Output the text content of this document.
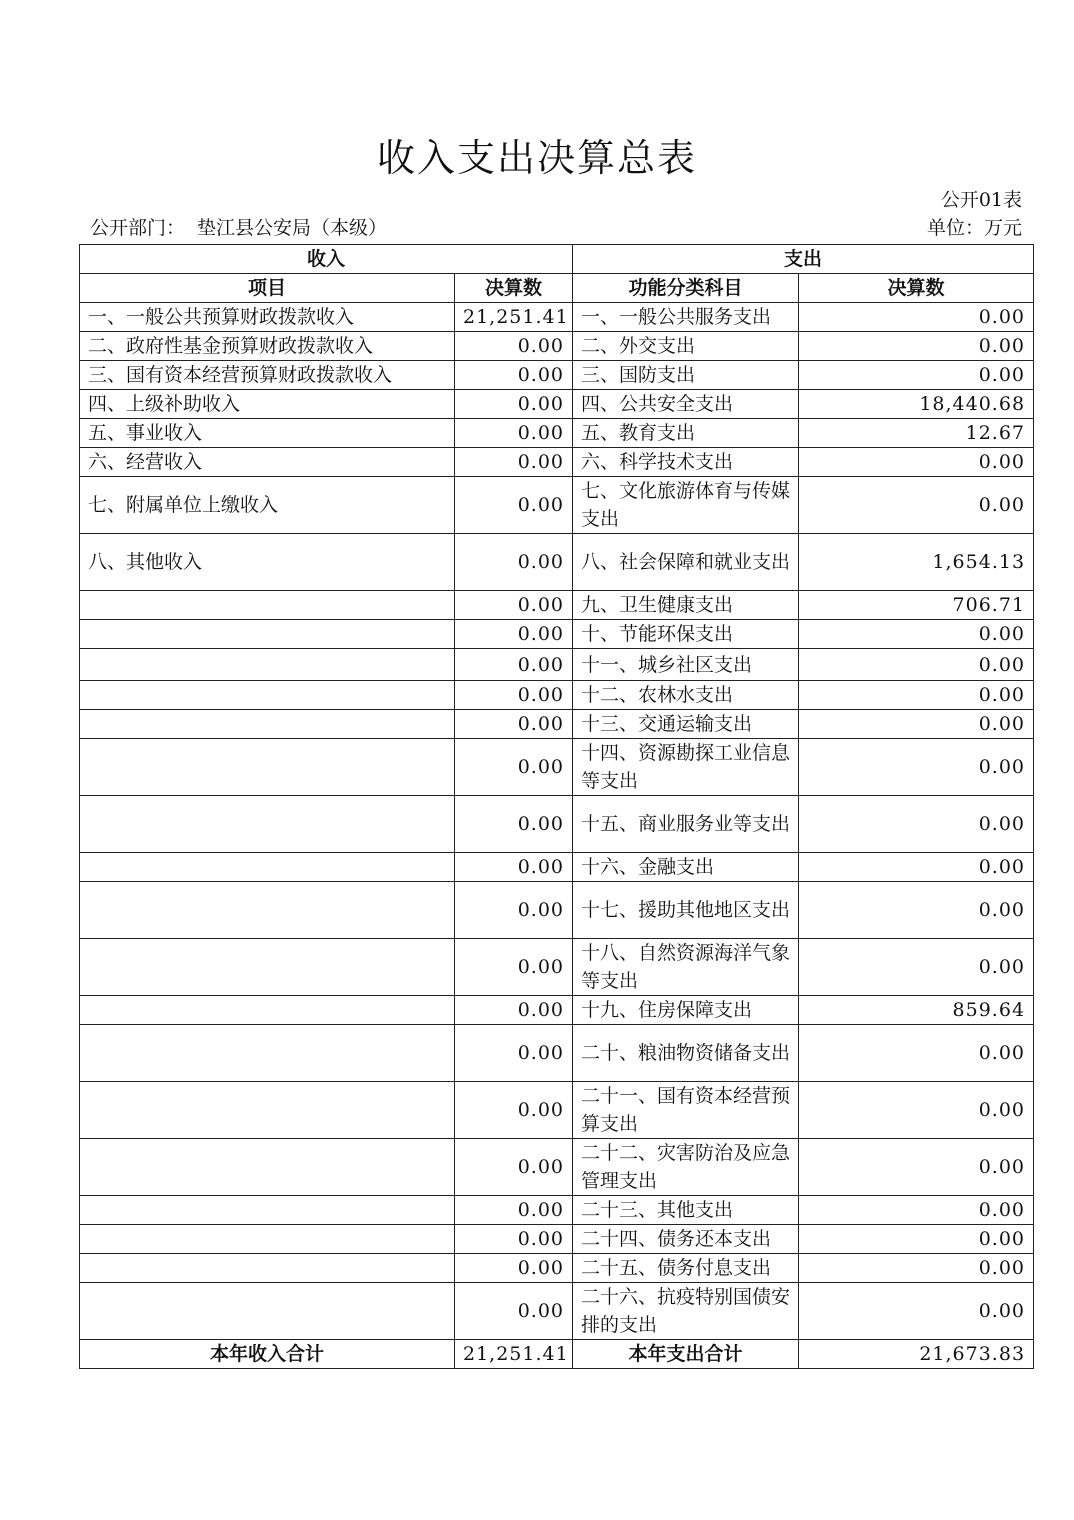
收入支出决算总表
公开01表
公开部门： 垫江县公安局（本级）	单位：万元
收入		支出	
项目	决算数	功能分类科目	决算数
一、一般公共预算财政拨款收入	21,251.41	一、一般公共服务支出	0.00
二、政府性基金预算财政拨款收入	0.00	二、外交支出	0.00
三、国有资本经营预算财政拨款收入	0.00	三、国防支出	0.00
四、上级补助收入	0.00	四、公共安全支出	18,440.68
五、事业收入	0.00	五、教育支出	12.67
六、经营收入	0.00	六、科学技术支出	0.00
七、附属单位上缴收入	0.00	七、文化旅游体育与传媒支出	0.00
八、其他收入	0.00	八、社会保障和就业支出	1,654.13
	0.00	九、卫生健康支出	706.71
	0.00	十、节能环保支出	0.00
	0.00	十一、城乡社区支出	0.00
	0.00	十二、农林水支出	0.00
	0.00	十三、交通运输支出	0.00
	0.00	十四、资源勘探工业信息等支出	0.00
	0.00	十五、商业服务业等支出	0.00
	0.00	十六、金融支出	0.00
	0.00	十七、援助其他地区支出	0.00
	0.00	十八、自然资源海洋气象等支出	0.00
	0.00	十九、住房保障支出	859.64
	0.00	二十、粮油物资储备支出	0.00
	0.00	二十一、国有资本经营预算支出	0.00
	0.00	二十二、灾害防治及应急管理支出	0.00
	0.00	二十三、其他支出	0.00
	0.00	二十四、债务还本支出	0.00
	0.00	二十五、债务付息支出	0.00
	0.00	二十六、抗疫特别国债安排的支出	0.00
本年收入合计	21,251.41	本年支出合计	21,673.83
